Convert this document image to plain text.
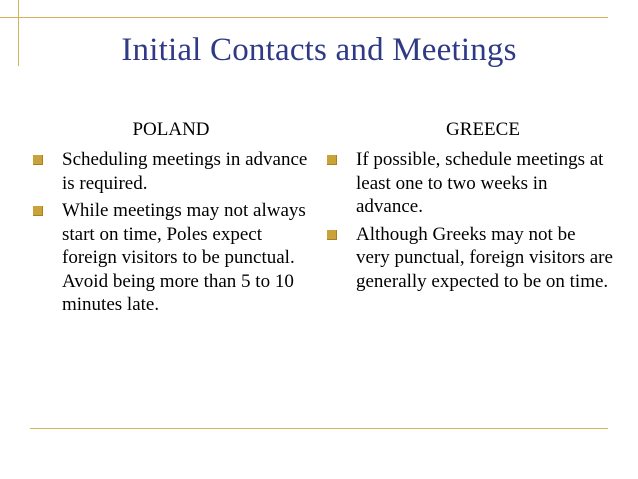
Initial Contacts and Meetings
POLAND
Scheduling meetings in advance is required.
While meetings may not always start on time, Poles expect foreign visitors to be punctual. Avoid being more than 5 to 10 minutes late.
GREECE
If possible, schedule meetings at least one to two weeks in advance.
Although Greeks may not be very punctual, foreign visitors are generally expected to be on time.
